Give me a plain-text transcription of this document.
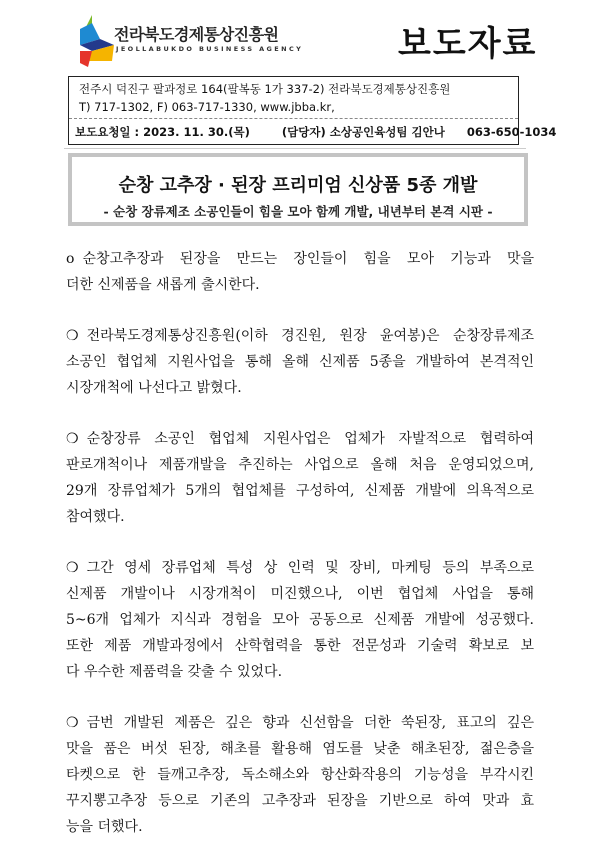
전라북도경제통상진흥원
JEOLLABUKDO BUSINESS AGENCY	보도자료
전주시 덕진구 팔과정로 164(팔복동 1가 337-2) 전라북도경제통상진흥원
T) 717-1302, F) 063-717-1330, www.jbba.kr,
보도요청일 : 2023. 11. 30.(목)	(담당자) 소상공인육성팀 김안나 063-650-1034
순창 고추장 · 된장 프리미엄 신상품 5종 개발
- 순창 장류제조 소공인들이 힘을 모아 함께 개발, 내년부터 본격 시판 -
o 순창고추장과 된장을 만드는 장인들이 힘을 모아 기능과 맛을
더한 신제품을 새롭게 출시한다.
❍ 전라북도경제통상진흥원(이하 경진원, 원장 윤여봉)은 순창장류제조
소공인 협업체 지원사업을 통해 올해 신제품 5종을 개발하여 본격적인
시장개척에 나선다고 밝혔다.
❍ 순창장류 소공인 협업체 지원사업은 업체가 자발적으로 협력하여
판로개척이나 제품개발을 추진하는 사업으로 올해 처음 운영되었으며,
29개 장류업체가 5개의 협업체를 구성하여, 신제품 개발에 의욕적으로
참여했다.
❍ 그간 영세 장류업체 특성 상 인력 및 장비, 마케팅 등의 부족으로
신제품 개발이나 시장개척이 미진했으나, 이번 협업체 사업을 통해
5~6개 업체가 지식과 경험을 모아 공동으로 신제품 개발에 성공했다.
또한 제품 개발과정에서 산학협력을 통한 전문성과 기술력 확보로 보
다 우수한 제품력을 갖출 수 있었다.
❍ 금번 개발된 제품은 깊은 향과 신선함을 더한 쑥된장, 표고의 깊은
맛을 품은 버섯 된장, 해초를 활용해 염도를 낮춘 해초된장, 젊은층을
타켓으로 한 들깨고추장, 독소해소와 항산화작용의 기능성을 부각시킨
꾸지뽕고추장 등으로 기존의 고추장과 된장을 기반으로 하여 맛과 효
능을 더했다.
